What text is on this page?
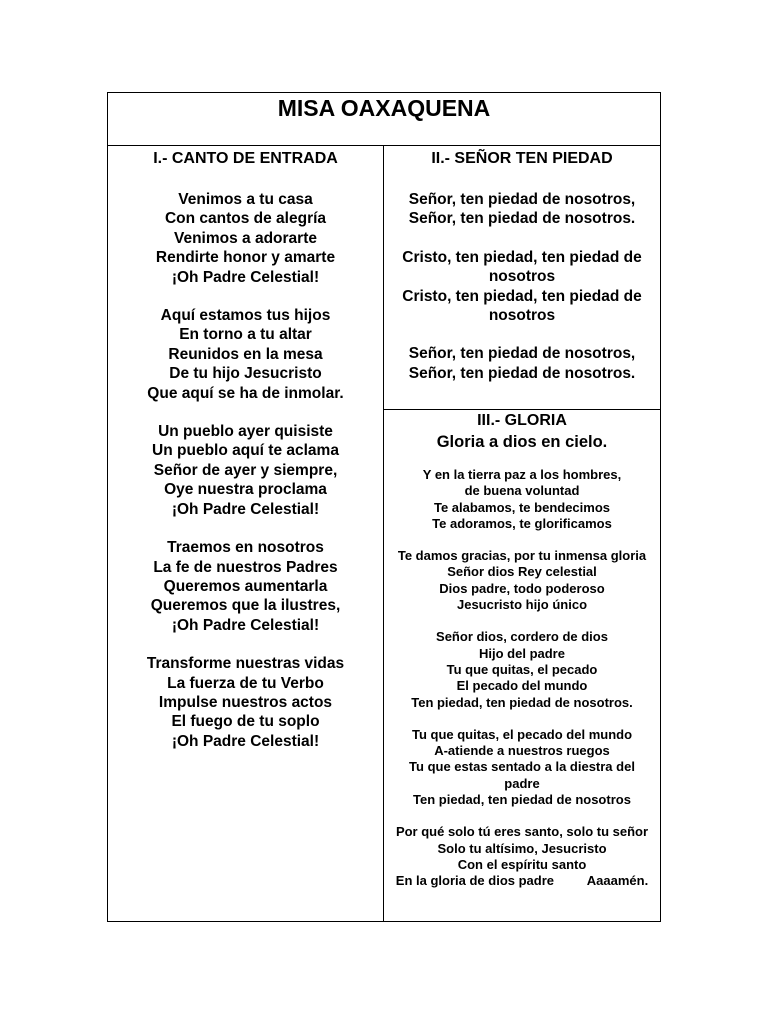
MISA OAXAQUENA
I.- CANTO DE ENTRADA
Venimos a tu casa
Con cantos de alegría
Venimos a adorarte
Rendirte honor y amarte
¡Oh Padre Celestial!
Aquí estamos tus hijos
En torno a tu altar
Reunidos en la mesa
De tu hijo Jesucristo
Que aquí se ha de inmolar.
Un pueblo ayer quisiste
Un pueblo aquí te aclama
Señor de ayer y siempre,
Oye nuestra proclama
¡Oh Padre Celestial!
Traemos en nosotros
La fe de nuestros Padres
Queremos aumentarla
Queremos que la ilustres,
¡Oh Padre Celestial!
Transforme nuestras vidas
La fuerza de tu Verbo
Impulse nuestros actos
El fuego de tu soplo
¡Oh Padre Celestial!
II.- SEÑOR TEN PIEDAD
Señor, ten piedad de nosotros,
Señor, ten piedad de nosotros.
Cristo, ten piedad, ten piedad de
nosotros
Cristo, ten piedad, ten piedad de
nosotros
Señor, ten piedad de nosotros,
Señor, ten piedad de nosotros.
III.- GLORIA
Gloria a dios en cielo.
Y en la tierra paz a los hombres,
de buena voluntad
Te alabamos, te bendecimos
Te adoramos, te glorificamos
Te damos gracias, por tu inmensa gloria
Señor dios Rey celestial
Dios padre, todo poderoso
Jesucristo hijo único
Señor dios, cordero de dios
Hijo del padre
Tu que quitas, el pecado
El pecado del mundo
Ten piedad, ten piedad de nosotros.
Tu que quitas, el pecado del mundo
A-atiende a nuestros ruegos
Tu que estas sentado a la diestra del
padre
Ten piedad, ten piedad de nosotros
Por qué solo tú eres santo, solo tu señor
Solo tu altísimo, Jesucristo
Con el espíritu santo
En la gloria de dios padre	Aaaamén.
